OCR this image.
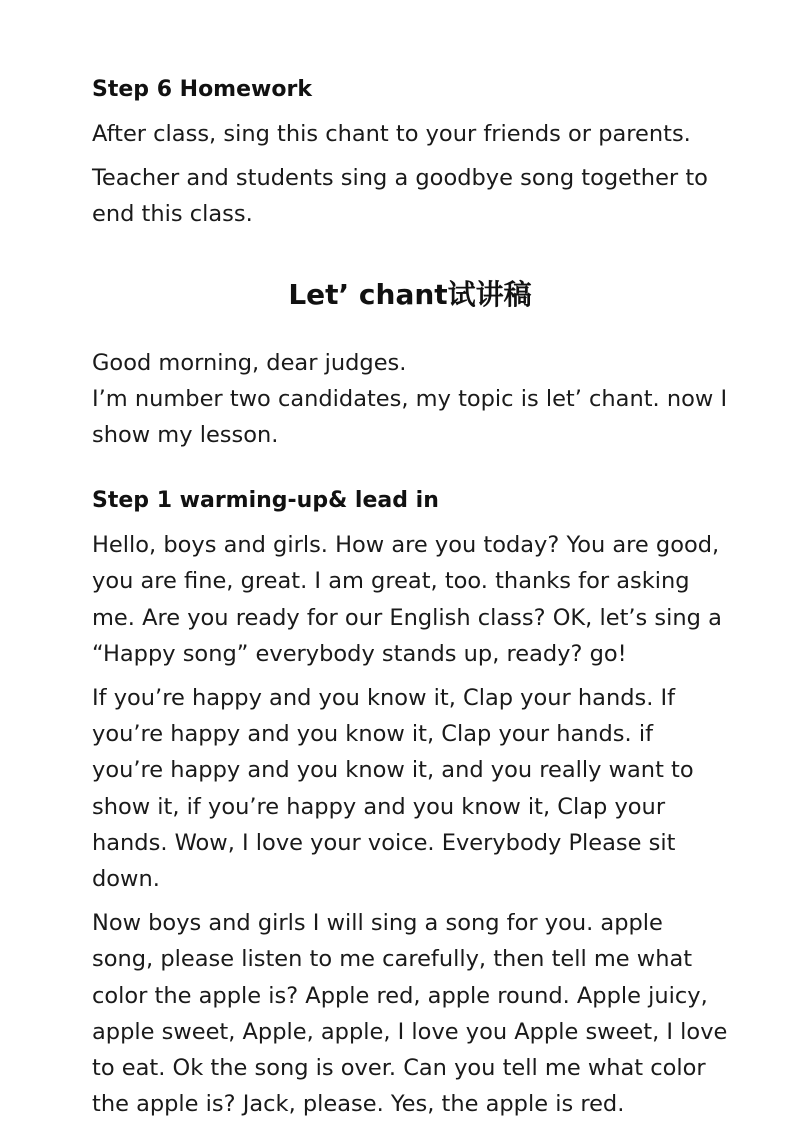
Step 6 Homework

After class, sing this chant to your friends or parents.

Teacher and students sing a goodbye song together to end this class.

Let’ chant试讲稿

Good morning, dear judges.
I’m number two candidates, my topic is let’ chant. now I show my lesson.

Step 1 warming-up& lead in

Hello, boys and girls. How are you today? You are good, you are fine, great. I am great, too. thanks for asking me. Are you ready for our English class? OK, let’s sing a “Happy song” everybody stands up, ready? go!

If you’re happy and you know it, Clap your hands. If you’re happy and you know it, Clap your hands. if you’re happy and you know it, and you really want to show it, if you’re happy and you know it, Clap your hands. Wow, I love your voice. Everybody Please sit down.

Now boys and girls I will sing a song for you. apple song, please listen to me carefully, then tell me what color the apple is? Apple red, apple round. Apple juicy, apple sweet, Apple, apple, I love you Apple sweet, I love to eat. Ok the song is over. Can you tell me what color the apple is? Jack, please. Yes, the apple is red.
